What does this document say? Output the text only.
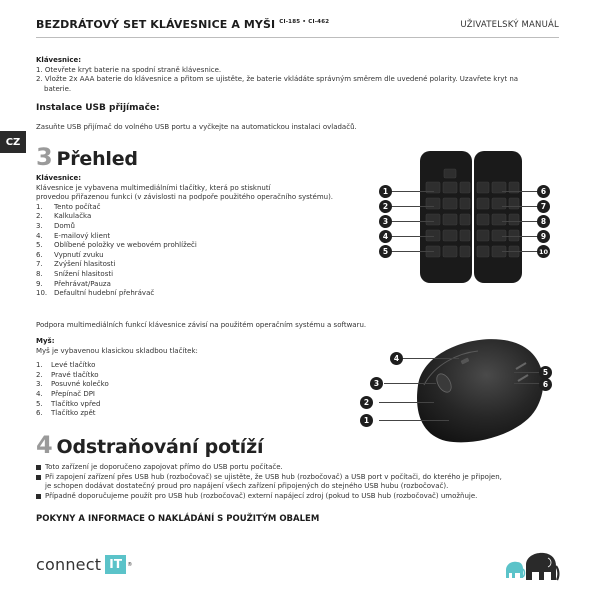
BEZDRÁTOVÝ SET KLÁVESNICE A MYŠI $^{CI-185 • CI-462}$	UŽIVATELSKÝ MANUÁL
Klávesnice:
1. Otevřete kryt baterie na spodní straně klávesnice.
2. Vložte 2x AAA baterie do klávesnice a přitom se ujistěte, že baterie vkládáte správným směrem dle uvedené polarity. Uzavřete kryt na
baterie.
Instalace USB přijímače:
Zasuňte USB přijímač do volného USB portu a vyčkejte na automatickou instalaci ovladačů.
CZ
3 Přehled
Klávesnice:
Klávesnice je vybavena multimediálními tlačítky, která po stisknutí
provedou přiřazenou funkci (v závislosti na podpoře použitého operačního systému).
1.	Tento počítač
2.	Kalkulačka
3.	Domů
4.	E-mailový klient
5.	Oblíbené položky ve webovém prohlížeči
6.	Vypnutí zvuku
7.	Zvýšení hlasitosti
8.	Snížení hlasitosti
9.	Přehrávat/Pauza
10. Defaultní hudební přehrávač
Podpora multimediálních funkcí klávesnice závisí na použitém operačním systému a softwaru.
Myš:
Myš je vybavenou klasickou skladbou tlačítek:
1.	Levé tlačítko
2.	Pravé tlačítko
3.	Posuvné kolečko
4.	Přepínač DPI
5.	Tlačítko vpřed
6.	Tlačítko zpět
1
2
3
4
5
6
7
8
9
10
1
2
3
4
5
6
4 Odstraňování potíží
Toto zařízení je doporučeno zapojovat přímo do USB portu počítače.
Při zapojení zařízení přes USB hub (rozbočovač) se ujistěte, že USB hub (rozbočovač) a USB port v počítači, do kterého je připojen,
je schopen dodávat dostatečný proud pro napájení všech zařízení připojených do stejného USB hubu (rozbočovač).
Případně doporučujeme použít pro USB hub (rozbočovač) externí napájecí zdroj (pokud to USB hub (rozbočovač) umožňuje.
POKYNY A INFORMACE O NAKLÁDÁNÍ S POUŽITÝM OBALEM
connect IT	®
